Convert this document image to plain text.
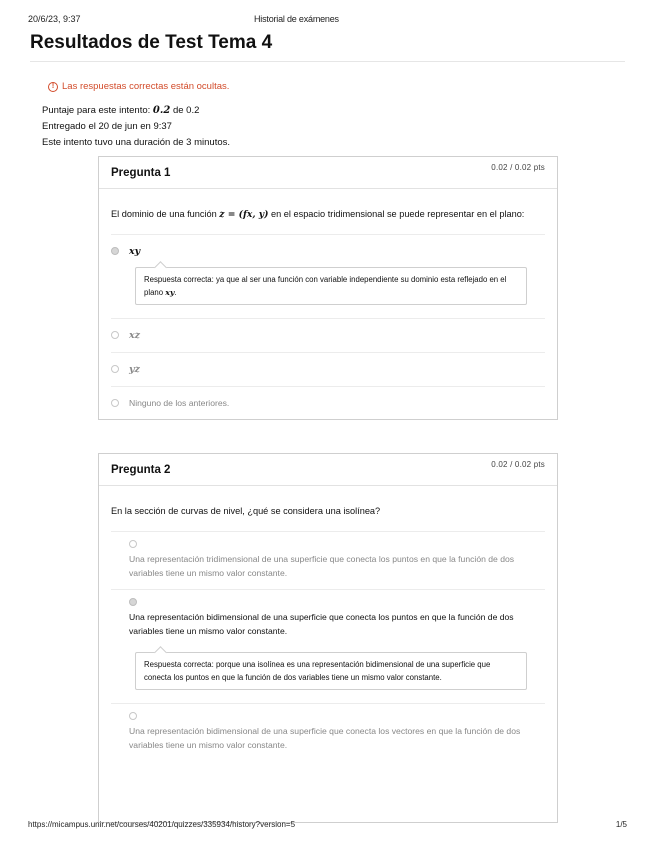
20/6/23, 9:37	Historial de exámenes
Resultados de Test Tema 4
! Las respuestas correctas están ocultas.
Puntaje para este intento: 0.2 de 0.2
Entregado el 20 de jun en 9:37
Este intento tuvo una duración de 3 minutos.
Pregunta 1	0.02 / 0.02 pts
El dominio de una función z = (fx, y) en el espacio tridimensional se puede representar en el plano:
xy
Respuesta correcta: ya que al ser una función con variable independiente su dominio esta reflejado en el plano xy.
xz
yz
Ninguno de los anteriores.
Pregunta 2	0.02 / 0.02 pts
En la sección de curvas de nivel, ¿qué se considera una isolínea?
Una representación tridimensional de una superficie que conecta los puntos en que la función de dos variables tiene un mismo valor constante.
Una representación bidimensional de una superficie que conecta los puntos en que la función de dos variables tiene un mismo valor constante.
Respuesta correcta: porque una isolínea es una representación bidimensional de una superficie que conecta los puntos en que la función de dos variables tiene un mismo valor constante.
Una representación bidimensional de una superficie que conecta los vectores en que la función de dos variables tiene un mismo valor constante.
https://micampus.unir.net/courses/40201/quizzes/335934/history?version=5	1/5
